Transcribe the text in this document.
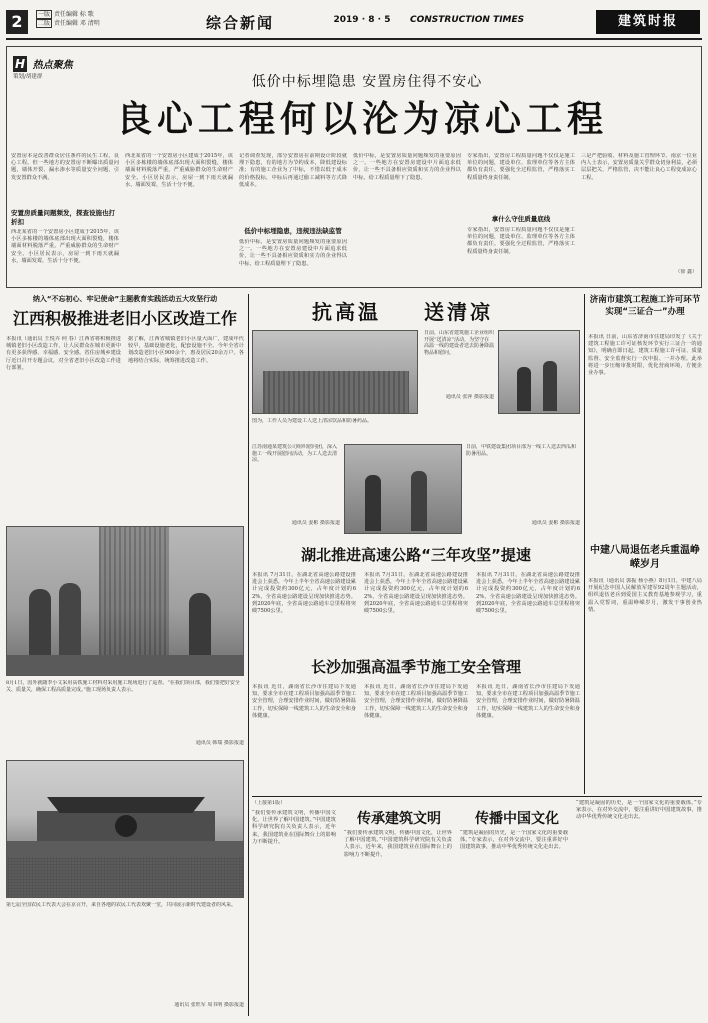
2	一版 责任编辑 标 歌
二版 责任编辑 邓 清明	综合新闻	2019 · 8 · 5	CONSTRUCTION TIMES	建筑时报
H 热点聚焦
策划/胡建群	低价中标埋隐患 安置房住得不安心
良心工程何以沦为凉心工程
安置房本是改善群众居住条件的民生工程，良心工程。但一些地方的安置房不断曝出质量问题，墙体开裂、漏水渗水等质量安全问题，引发安置群众不满。
安置房质量问题频发，探查设施也打折扣
西北某省的一个安置房小区建成于2015年，该小区多栋楼的墙体底部出现大面积裂缝，楼体墙面材料脱落严重，严重威胁群众的生命财产安全。小区居民表示，房屋一到下雨天就漏水，墙面发霉，生活十分不便。
西北某省的一个安置房小区建成于2015年，该小区多栋楼的墙体底部出现大面积裂缝，楼体墙面材料脱落严重，严重威胁群众的生命财产安全。小区居民表示，房屋一到下雨天就漏水，墙面发霉，生活十分不便。
记者调查发现，部分安置房在前期设计阶段就埋下隐患，有的地方为节约成本，降低建设标准；有的施工企业为了中标，不惜以低于成本的价格投标，中标后再通过偷工减料等方式降低成本。
低价中标埋隐患，违规违法缺监管
低价中标，是安置房质量问题频发的重要原因之一。一些地方在安置房建设中片面追求低价，让一些不具备相应资质和实力的企业得以中标，给工程质量埋下了隐患。
低价中标，是安置房质量问题频发的重要原因之一。一些地方在安置房建设中片面追求低价，让一些不具备相应资质和实力的企业得以中标，给工程质量埋下了隐患。
专家指出，安置房工程质量问题不仅仅是施工单位的问题，建设单位、监理单位等各方主体都负有责任。要强化全过程监管，严格落实工程质量终身责任制。
拿什么守住质量底线
专家指出，安置房工程质量问题不仅仅是施工单位的问题，建设单位、监理单位等各方主体都负有责任。要强化全过程监管，严格落实工程质量终身责任制。
三是严把验收、材料及施工管理环节。南京一位业内人士表示，安置房质量关乎群众切身利益，必须层层把关、严格监管，决不能让良心工程变成凉心工程。
（徐 鑫）
纳入“不忘初心、牢记使命”主题教育实践活动五大攻坚行动
江西积极推进老旧小区改造工作
本报讯（通讯员 王悦卉 何 春）江西省将积极推进城镇老旧小区改造工作，让人民群众在城市更新中有更多获得感、幸福感、安全感。省住房城乡建设厅近日召开专题会议，对全省老旧小区改造工作进行部署。
据了解，江西省城镇老旧小区量大面广，建成年代较早，基础设施老化，配套设施不全。今年全省计划改造老旧小区900余个，惠及居民20余万户。各地将结合实际，统筹推进改造工作。
8月1日，国外就随李小文采用高铁施工材料对采用施工现场进行了巡查。“在我们项目部，我们要把好安全关、质量关，确保工程高质量完成。”施工现场负责人表示。
通讯员 韩瑞 摄影报道
第七届全国农民工代表大会在京召开，来自各地的农民工代表欢聚一堂，共同展示新时代建设者的风采。
通讯员 张旺军 周书明 摄影报道
抗高温	送清凉
日前，山东省建筑施工企业组织开展“送清凉”活动，为坚守在高温一线的建设者送去防暑降温物品和慰问。
通讯员 张萍 摄影报道
图为，工作人员为建设工人送上清凉饮品和防暑药品。
江苏南通某建筑公司组织慰问团，深入施工一线开展慰问活动，为工人送去清凉。
通讯员 姜彬 摄影报道
日前，中铁建设集团项目部为一线工人送去西瓜和防暑用品。
通讯员 姜彬 摄影报道
湖北推进高速公路“三年攻坚”提速
本报讯 7月31日，在湖北省高速公路建设推进会上获悉，今年上半年全省高速公路建设累计完成投资约300亿元，占年度计划的62%，全省高速公路建设呈现加快推进态势。到2020年底，全省高速公路通车总里程将突破7500公里。
本报讯 7月31日，在湖北省高速公路建设推进会上获悉，今年上半年全省高速公路建设累计完成投资约300亿元，占年度计划的62%，全省高速公路建设呈现加快推进态势。到2020年底，全省高速公路通车总里程将突破7500公里。
本报讯 7月31日，在湖北省高速公路建设推进会上获悉，今年上半年全省高速公路建设累计完成投资约300亿元，占年度计划的62%，全省高速公路建设呈现加快推进态势。到2020年底，全省高速公路通车总里程将突破7500公里。
长沙加强高温季节施工安全管理
本报讯 近日，湖南省长沙市住建局下发通知，要求全市在建工程项目加强高温季节施工安全管理，合理安排作业时间，做好防暑降温工作，切实保障一线建筑工人的生命安全和身体健康。
本报讯 近日，湖南省长沙市住建局下发通知，要求全市在建工程项目加强高温季节施工安全管理，合理安排作业时间，做好防暑降温工作，切实保障一线建筑工人的生命安全和身体健康。
本报讯 近日，湖南省长沙市住建局下发通知，要求全市在建工程项目加强高温季节施工安全管理，合理安排作业时间，做好防暑降温工作，切实保障一线建筑工人的生命安全和身体健康。
（上接第1版）
“我们要传承建筑文明，传播中国文化，让世界了解中国建筑。”中国建筑科学研究院有关负责人表示，近年来，我国建筑业在国际舞台上的影响力不断提升。
传承建筑文明	传播中国文化
“我们要传承建筑文明，传播中国文化，让世界了解中国建筑。”中国建筑科学研究院有关负责人表示，近年来，我国建筑业在国际舞台上的影响力不断提升。
“建筑是凝固的历史，是一个国家文化的重要载体。”专家表示，在对外交流中，要注重讲好中国建筑故事，推动中华优秀传统文化走出去。
“建筑是凝固的历史，是一个国家文化的重要载体。”专家表示，在对外交流中，要注重讲好中国建筑故事，推动中华优秀传统文化走出去。
济南市建筑工程施工许可环节实现“三证合一”办理
本报讯 日前，山东省济南市住建局印发了《关于建筑工程施工许可证核发环节实行三证合一的通知》，明确自即日起，建筑工程施工许可证、质量监督、安全监督实行一次申报、一并办理。此举将进一步压缩审批时限，优化营商环境，方便企业办事。
中建八局退伍老兵重温峥嵘岁月
本报讯（通讯员 郭振 杨小燕）8月1日，中建八局开展纪念中国人民解放军建军92周年主题活动，组织退伍老兵到爱国主义教育基地参观学习，重温入党誓词，重温峥嵘岁月，激发干事创业热情。
